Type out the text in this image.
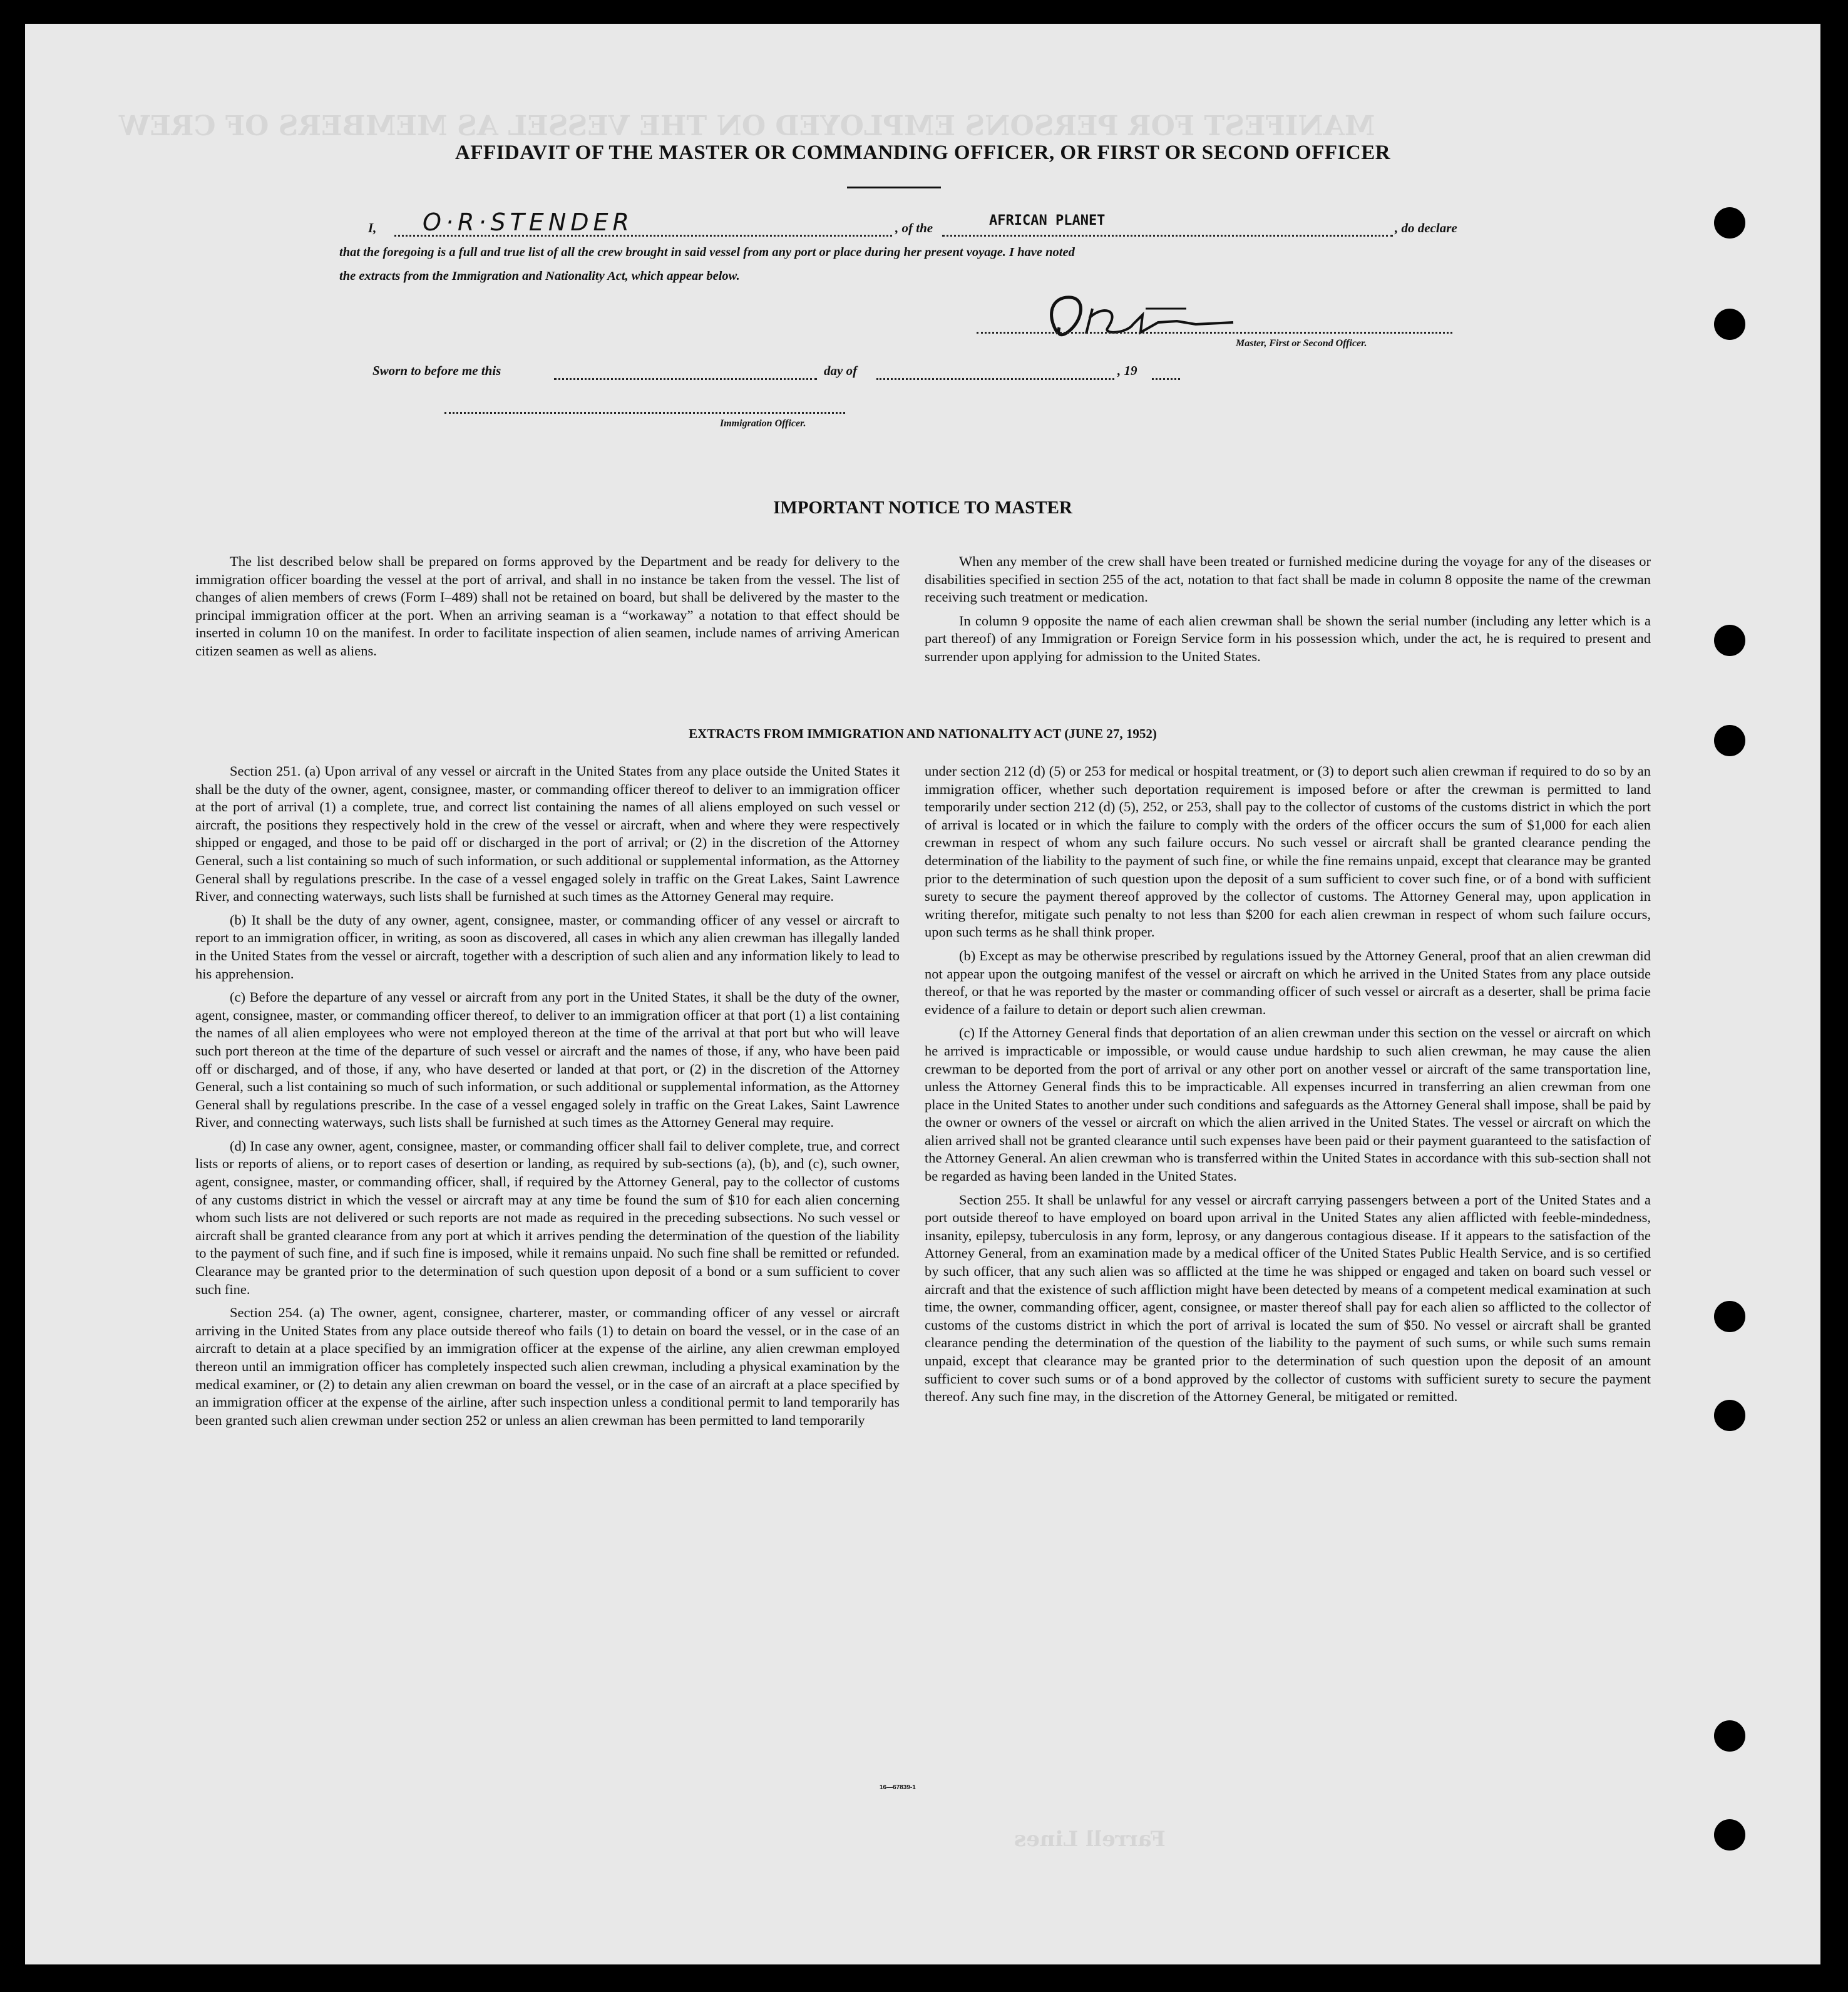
MANIFEST FOR PERSONS EMPLOYED ON THE VESSEL AS MEMBERS OF CREW
Farrell Lines
AFFIDAVIT OF THE MASTER OR COMMANDING OFFICER, OR FIRST OR SECOND OFFICER
I, O·R·STENDER	, of the	AFRICAN PLANET	, do declare
that the foregoing is a full and true list of all the crew brought in said vessel from any port or place during her present voyage. I have noted
the extracts from the Immigration and Nationality Act, which appear below.
Master, First or Second Officer.
Sworn to before me this	day of	, 19
Immigration Officer.
IMPORTANT NOTICE TO MASTER

The list described below shall be prepared on forms approved by the Department and be ready for delivery to the immigration officer boarding the vessel at the port of arrival, and shall in no instance be taken from the vessel. The list of changes of alien members of crews (Form I–489) shall not be retained on board, but shall be delivered by the master to the principal immigration officer at the port. When an arriving seaman is a “workaway” a notation to that effect should be inserted in column 10 on the manifest. In order to facilitate inspection of alien seamen, include names of arriving American citizen seamen as well as aliens.

When any member of the crew shall have been treated or furnished medicine during the voyage for any of the diseases or disabilities specified in section 255 of the act, notation to that fact shall be made in column 8 opposite the name of the crewman receiving such treatment or medication.

In column 9 opposite the name of each alien crewman shall be shown the serial number (including any letter which is a part thereof) of any Immigration or Foreign Service form in his possession which, under the act, he is required to present and surrender upon applying for admission to the United States.

EXTRACTS FROM IMMIGRATION AND NATIONALITY ACT (JUNE 27, 1952)

Section 251. (a) Upon arrival of any vessel or aircraft in the United States from any place outside the United States it shall be the duty of the owner, agent, consignee, master, or commanding officer thereof to deliver to an immigration officer at the port of arrival (1) a complete, true, and correct list containing the names of all aliens employed on such vessel or aircraft, the positions they respectively hold in the crew of the vessel or aircraft, when and where they were respectively shipped or engaged, and those to be paid off or discharged in the port of arrival; or (2) in the discretion of the Attorney General, such a list containing so much of such information, or such additional or supplemental information, as the Attorney General shall by regulations prescribe. In the case of a vessel engaged solely in traffic on the Great Lakes, Saint Lawrence River, and connecting waterways, such lists shall be furnished at such times as the Attorney General may require.

(b) It shall be the duty of any owner, agent, consignee, master, or commanding officer of any vessel or aircraft to report to an immigration officer, in writing, as soon as discovered, all cases in which any alien crewman has illegally landed in the United States from the vessel or aircraft, together with a description of such alien and any information likely to lead to his apprehension.

(c) Before the departure of any vessel or aircraft from any port in the United States, it shall be the duty of the owner, agent, consignee, master, or commanding officer thereof, to deliver to an immigration officer at that port (1) a list containing the names of all alien employees who were not employed thereon at the time of the arrival at that port but who will leave such port thereon at the time of the departure of such vessel or aircraft and the names of those, if any, who have been paid off or discharged, and of those, if any, who have deserted or landed at that port, or (2) in the discretion of the Attorney General, such a list containing so much of such information, or such additional or supplemental information, as the Attorney General shall by regulations prescribe. In the case of a vessel engaged solely in traffic on the Great Lakes, Saint Lawrence River, and connecting waterways, such lists shall be furnished at such times as the Attorney General may require.

(d) In case any owner, agent, consignee, master, or commanding officer shall fail to deliver complete, true, and correct lists or reports of aliens, or to report cases of desertion or landing, as required by sub-sections (a), (b), and (c), such owner, agent, consignee, master, or commanding officer, shall, if required by the Attorney General, pay to the collector of customs of any customs district in which the vessel or aircraft may at any time be found the sum of $10 for each alien concerning whom such lists are not delivered or such reports are not made as required in the preceding subsections. No such vessel or aircraft shall be granted clearance from any port at which it arrives pending the determination of the question of the liability to the payment of such fine, and if such fine is imposed, while it remains unpaid. No such fine shall be remitted or refunded. Clearance may be granted prior to the determination of such question upon deposit of a bond or a sum sufficient to cover such fine.

Section 254. (a) The owner, agent, consignee, charterer, master, or commanding officer of any vessel or aircraft arriving in the United States from any place outside thereof who fails (1) to detain on board the vessel, or in the case of an aircraft to detain at a place specified by an immigration officer at the expense of the airline, any alien crewman employed thereon until an immigration officer has completely inspected such alien crewman, including a physical examination by the medical examiner, or (2) to detain any alien crewman on board the vessel, or in the case of an aircraft at a place specified by an immigration officer at the expense of the airline, after such inspection unless a conditional permit to land temporarily has been granted such alien crewman under section 252 or unless an alien crewman has been permitted to land temporarily

under section 212 (d) (5) or 253 for medical or hospital treatment, or (3) to deport such alien crewman if required to do so by an immigration officer, whether such deportation requirement is imposed before or after the crewman is permitted to land temporarily under section 212 (d) (5), 252, or 253, shall pay to the collector of customs of the customs district in which the port of arrival is located or in which the failure to comply with the orders of the officer occurs the sum of $1,000 for each alien crewman in respect of whom any such failure occurs. No such vessel or aircraft shall be granted clearance pending the determination of the liability to the payment of such fine, or while the fine remains unpaid, except that clearance may be granted prior to the determination of such question upon the deposit of a sum sufficient to cover such fine, or of a bond with sufficient surety to secure the payment thereof approved by the collector of customs. The Attorney General may, upon application in writing therefor, mitigate such penalty to not less than $200 for each alien crewman in respect of whom such failure occurs, upon such terms as he shall think proper.

(b) Except as may be otherwise prescribed by regulations issued by the Attorney General, proof that an alien crewman did not appear upon the outgoing manifest of the vessel or aircraft on which he arrived in the United States from any place outside thereof, or that he was reported by the master or commanding officer of such vessel or aircraft as a deserter, shall be prima facie evidence of a failure to detain or deport such alien crewman.

(c) If the Attorney General finds that deportation of an alien crewman under this section on the vessel or aircraft on which he arrived is impracticable or impossible, or would cause undue hardship to such alien crewman, he may cause the alien crewman to be deported from the port of arrival or any other port on another vessel or aircraft of the same transportation line, unless the Attorney General finds this to be impracticable. All expenses incurred in transferring an alien crewman from one place in the United States to another under such conditions and safeguards as the Attorney General shall impose, shall be paid by the owner or owners of the vessel or aircraft on which the alien arrived in the United States. The vessel or aircraft on which the alien arrived shall not be granted clearance until such expenses have been paid or their payment guaranteed to the satisfaction of the Attorney General. An alien crewman who is transferred within the United States in accordance with this sub-section shall not be regarded as having been landed in the United States.

Section 255. It shall be unlawful for any vessel or aircraft carrying passengers between a port of the United States and a port outside thereof to have employed on board upon arrival in the United States any alien afflicted with feeble-mindedness, insanity, epilepsy, tuberculosis in any form, leprosy, or any dangerous contagious disease. If it appears to the satisfaction of the Attorney General, from an examination made by a medical officer of the United States Public Health Service, and is so certified by such officer, that any such alien was so afflicted at the time he was shipped or engaged and taken on board such vessel or aircraft and that the existence of such affliction might have been detected by means of a competent medical examination at such time, the owner, commanding officer, agent, consignee, or master thereof shall pay for each alien so afflicted to the collector of customs of the customs district in which the port of arrival is located the sum of $50. No vessel or aircraft shall be granted clearance pending the determination of the question of the liability to the payment of such sums, or while such sums remain unpaid, except that clearance may be granted prior to the determination of such question upon the deposit of an amount sufficient to cover such sums or of a bond approved by the collector of customs with sufficient surety to secure the payment thereof. Any such fine may, in the discretion of the Attorney General, be mitigated or remitted.

16—67839-1
